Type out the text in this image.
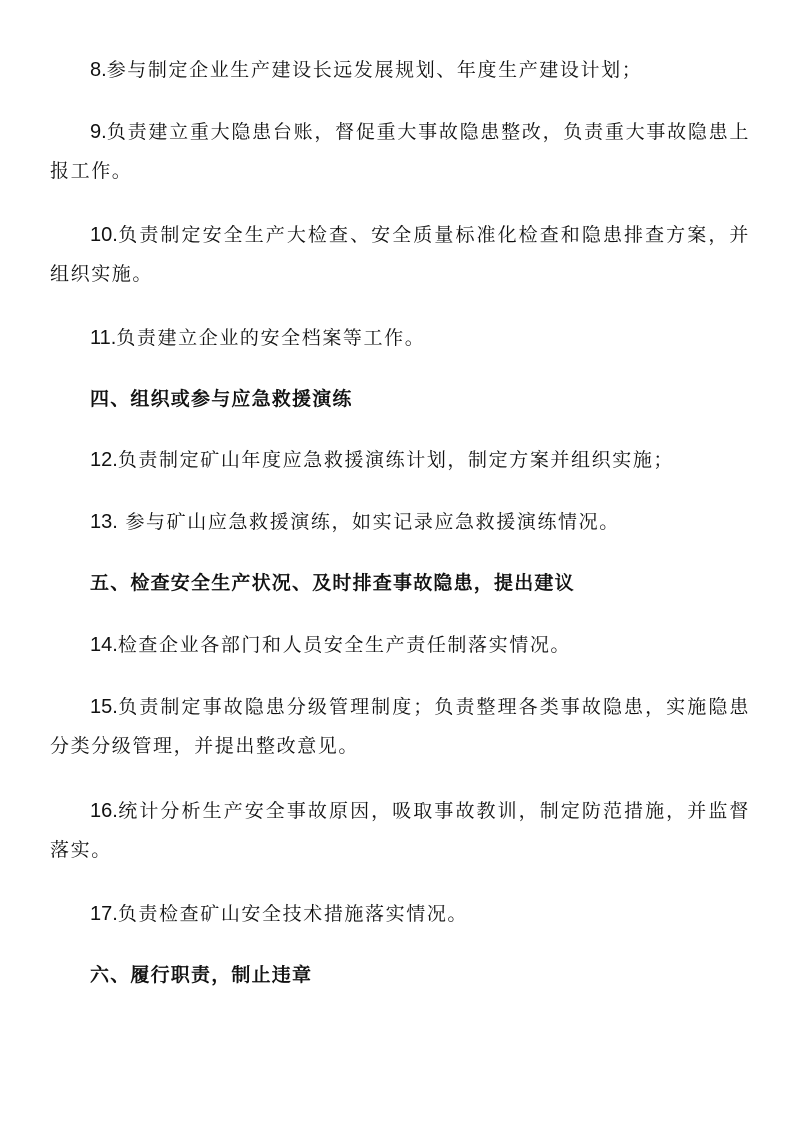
8.参与制定企业生产建设长远发展规划、年度生产建设计划；

9.负责建立重大隐患台账，督促重大事故隐患整改，负责重大事故隐患上报工作。

10.负责制定安全生产大检查、安全质量标准化检查和隐患排查方案，并组织实施。

11.负责建立企业的安全档案等工作。

四、组织或参与应急救援演练

12.负责制定矿山年度应急救援演练计划，制定方案并组织实施；

13. 参与矿山应急救援演练，如实记录应急救援演练情况。

五、检查安全生产状况、及时排查事故隐患，提出建议

14.检查企业各部门和人员安全生产责任制落实情况。

15.负责制定事故隐患分级管理制度；负责整理各类事故隐患，实施隐患分类分级管理，并提出整改意见。

16.统计分析生产安全事故原因，吸取事故教训，制定防范措施，并监督落实。

17.负责检查矿山安全技术措施落实情况。

六、履行职责，制止违章
